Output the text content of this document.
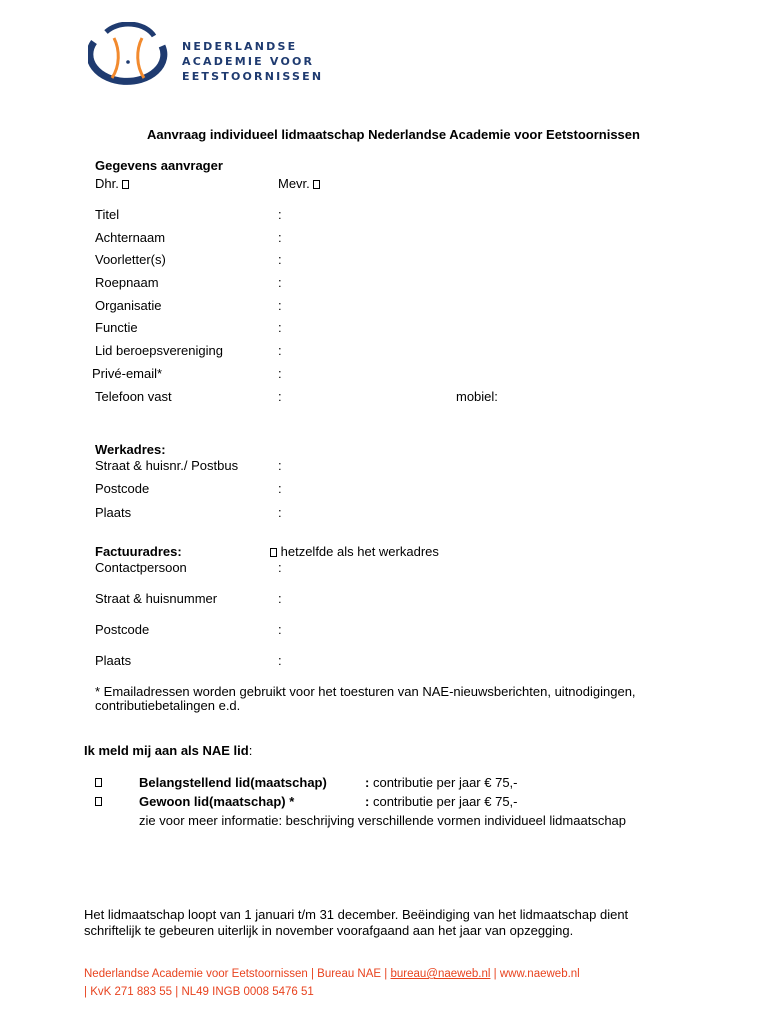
NEDERLANDSE
ACADEMIE VOOR
EETSTOORNISSEN
Aanvraag individueel lidmaatschap Nederlandse Academie voor Eetstoornissen
Gegevens aanvrager
Dhr.	Mevr.
Titel	:
Achternaam	:
Voorletter(s)	:
Roepnaam	:
Organisatie	:
Functie	:
Lid beroepsvereniging	:
Privé-email*	:
Telefoon vast	:	mobiel:
Werkadres:
Straat & huisnr./ Postbus	:
Postcode	:
Plaats	:
Factuuradres:	hetzelfde als het werkadres
Contactpersoon	:
Straat & huisnummer	:
Postcode	:
Plaats	:
* Emailadressen worden gebruikt voor het toesturen van NAE-nieuwsberichten, uitnodigingen,
contributiebetalingen e.d.
Ik meld mij aan als NAE lid:
Belangstellend lid(maatschap)	: contributie per jaar € 75,-
Gewoon lid(maatschap) *	: contributie per jaar € 75,-
zie voor meer informatie: beschrijving verschillende vormen individueel lidmaatschap
Het lidmaatschap loopt van 1 januari t/m 31 december. Beëindiging van het lidmaatschap dient
schriftelijk te gebeuren uiterlijk in november voorafgaand aan het jaar van opzegging.
Nederlandse Academie voor Eetstoornissen | Bureau NAE | bureau@naeweb.nl | www.naeweb.nl
| KvK 271 883 55 | NL49 INGB 0008 5476 51
